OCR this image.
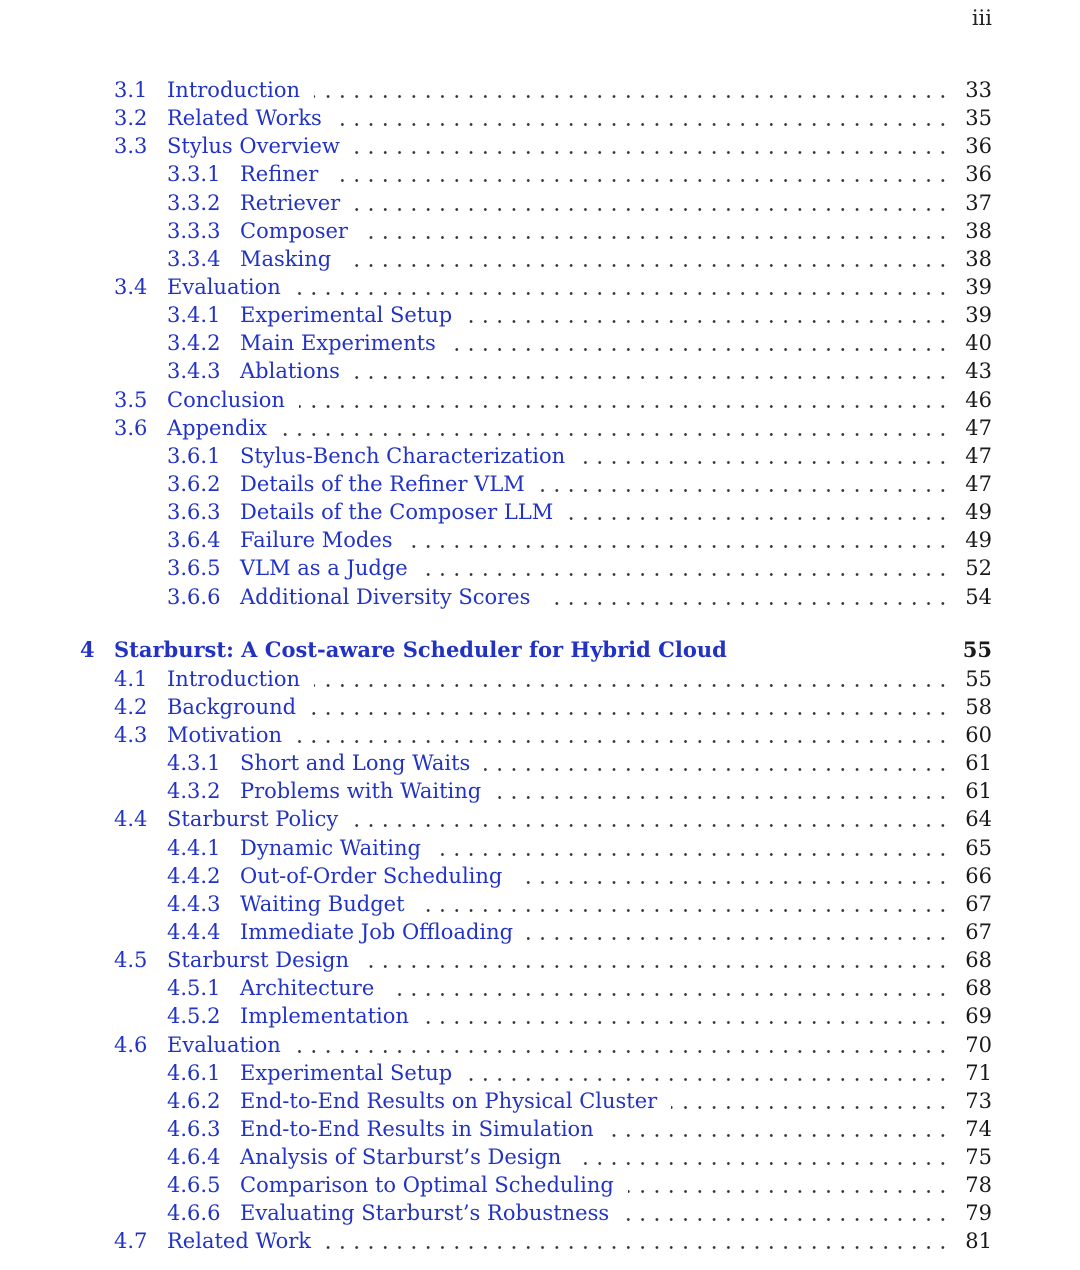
iii
3.1 Introduction	33
3.2 Related Works	35
3.3 Stylus Overview	36
3.3.1 Refiner	36
3.3.2 Retriever	37
3.3.3 Composer	38
3.3.4 Masking	38
3.4 Evaluation	39
3.4.1 Experimental Setup	39
3.4.2 Main Experiments	40
3.4.3 Ablations	43
3.5 Conclusion	46
3.6 Appendix	47
3.6.1 Stylus-Bench Characterization	47
3.6.2 Details of the Refiner VLM	47
3.6.3 Details of the Composer LLM	49
3.6.4 Failure Modes	49
3.6.5 VLM as a Judge	52
3.6.6 Additional Diversity Scores	54
4 Starburst: A Cost-aware Scheduler for Hybrid Cloud	55
4.1 Introduction	55
4.2 Background	58
4.3 Motivation	60
4.3.1 Short and Long Waits	61
4.3.2 Problems with Waiting	61
4.4 Starburst Policy	64
4.4.1 Dynamic Waiting	65
4.4.2 Out-of-Order Scheduling	66
4.4.3 Waiting Budget	67
4.4.4 Immediate Job Offloading	67
4.5 Starburst Design	68
4.5.1 Architecture	68
4.5.2 Implementation	69
4.6 Evaluation	70
4.6.1 Experimental Setup	71
4.6.2 End-to-End Results on Physical Cluster	73
4.6.3 End-to-End Results in Simulation	74
4.6.4 Analysis of Starburst’s Design	75
4.6.5 Comparison to Optimal Scheduling	78
4.6.6 Evaluating Starburst’s Robustness	79
4.7 Related Work	81
